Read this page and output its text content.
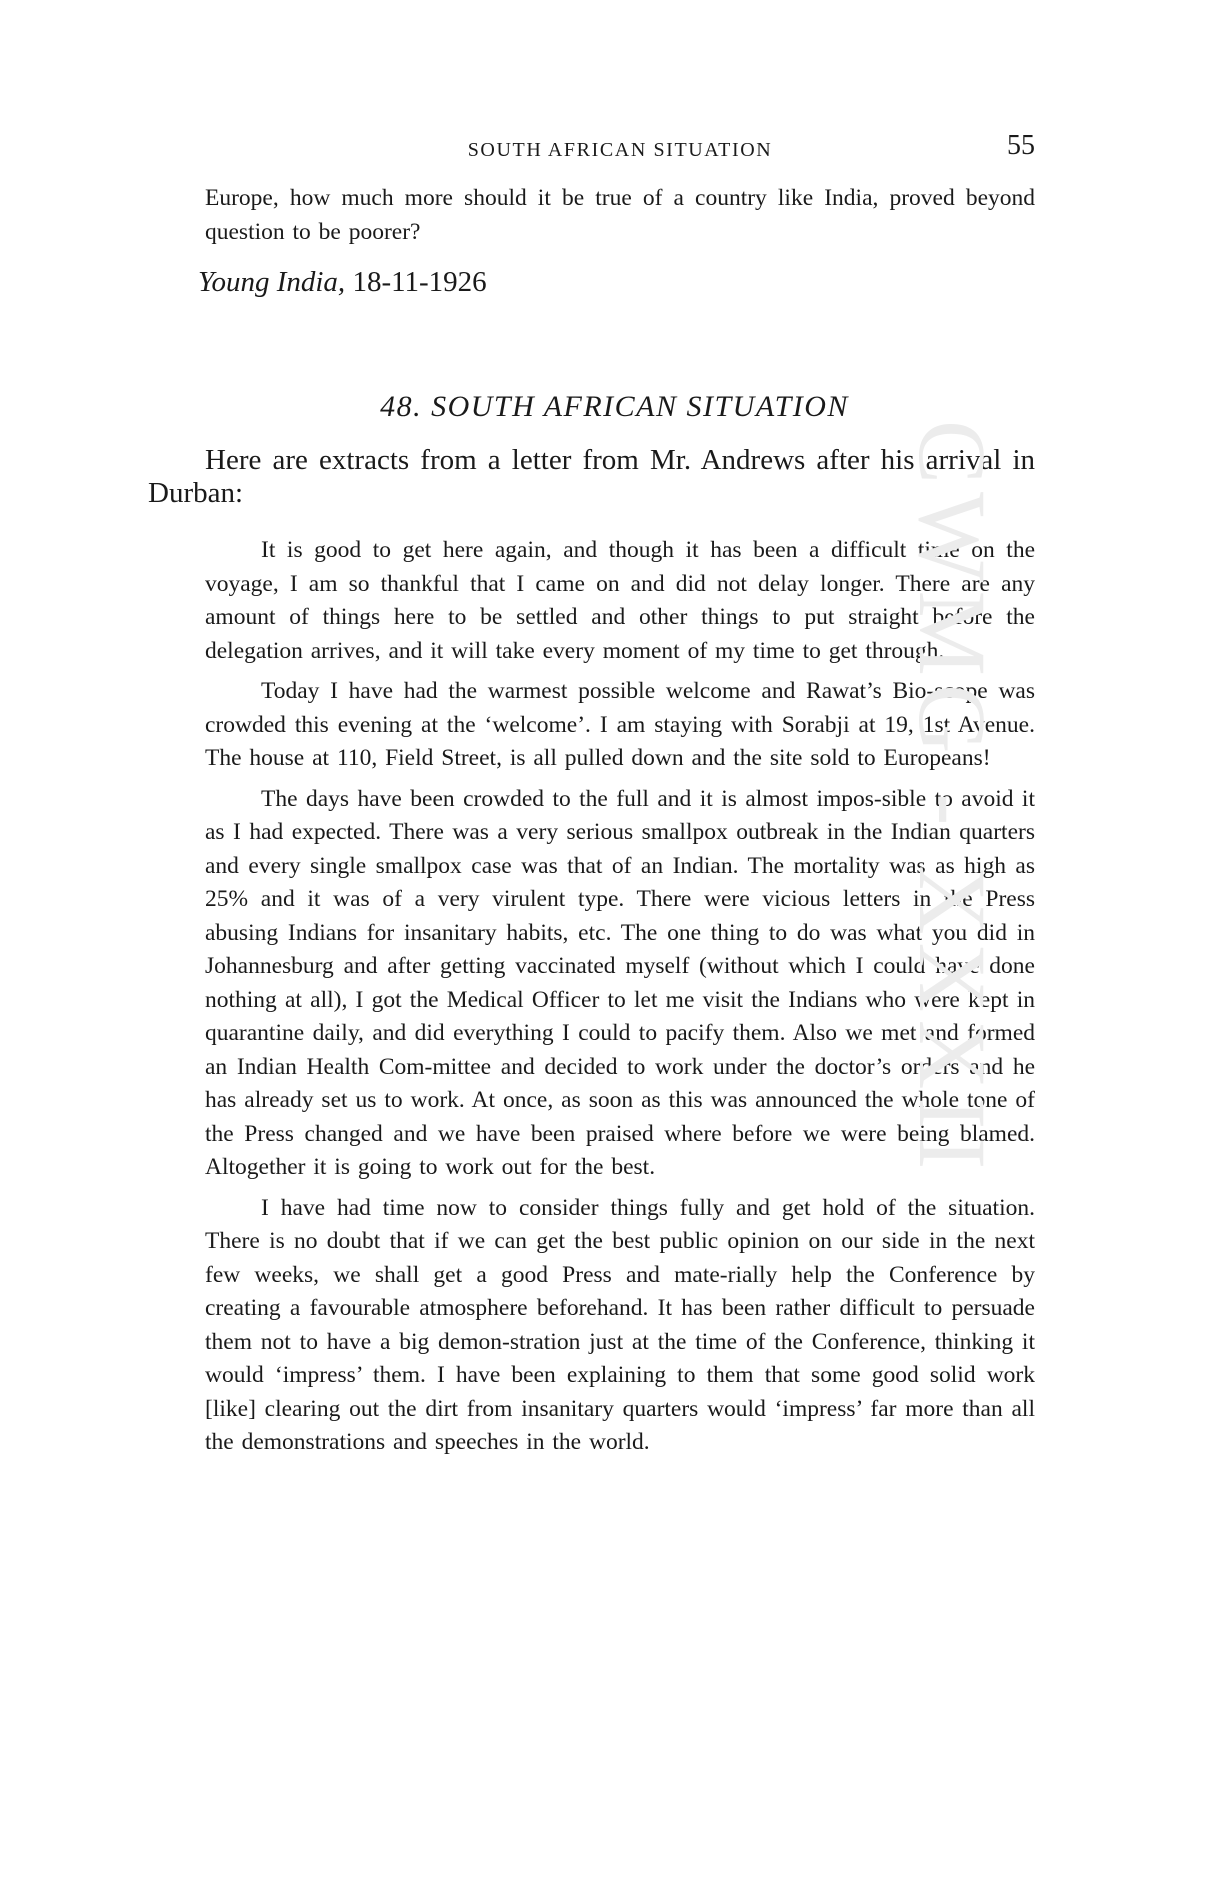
SOUTH AFRICAN SITUATION	55

Europe, how much more should it be true of a country like India, proved beyond question to be poorer?

Young India, 18-11-1926
48. SOUTH AFRICAN SITUATION

Here are extracts from a letter from Mr. Andrews after his arrival in Durban:

It is good to get here again, and though it has been a difficult time on the voyage, I am so thankful that I came on and did not delay longer. There are any amount of things here to be settled and other things to put straight before the delegation arrives, and it will take every moment of my time to get through.

Today I have had the warmest possible welcome and Rawat’s Bio-scope was crowded this evening at the ‘welcome’. I am staying with Sorabji at 19, 1st Avenue. The house at 110, Field Street, is all pulled down and the site sold to Europeans!

The days have been crowded to the full and it is almost impos-sible to avoid it as I had expected. There was a very serious smallpox outbreak in the Indian quarters and every single smallpox case was that of an Indian. The mortality was as high as 25% and it was of a very virulent type. There were vicious letters in the Press abusing Indians for insanitary habits, etc. The one thing to do was what you did in Johannesburg and after getting vaccinated myself (without which I could have done nothing at all), I got the Medical Officer to let me visit the Indians who were kept in quarantine daily, and did everything I could to pacify them. Also we met and formed an Indian Health Com-mittee and decided to work under the doctor’s orders and he has already set us to work. At once, as soon as this was announced the whole tone of the Press changed and we have been praised where before we were being blamed. Altogether it is going to work out for the best.

I have had time now to consider things fully and get hold of the situation. There is no doubt that if we can get the best public opinion on our side in the next few weeks, we shall get a good Press and mate-rially help the Conference by creating a favourable atmosphere beforehand. It has been rather difficult to persuade them not to have a big demon-stration just at the time of the Conference, thinking it would ‘impress’ them. I have been explaining to them that some good solid work [like] clearing out the dirt from insanitary quarters would ‘impress’ far more than all the demonstrations and speeches in the world.

CWMG - XXXII
